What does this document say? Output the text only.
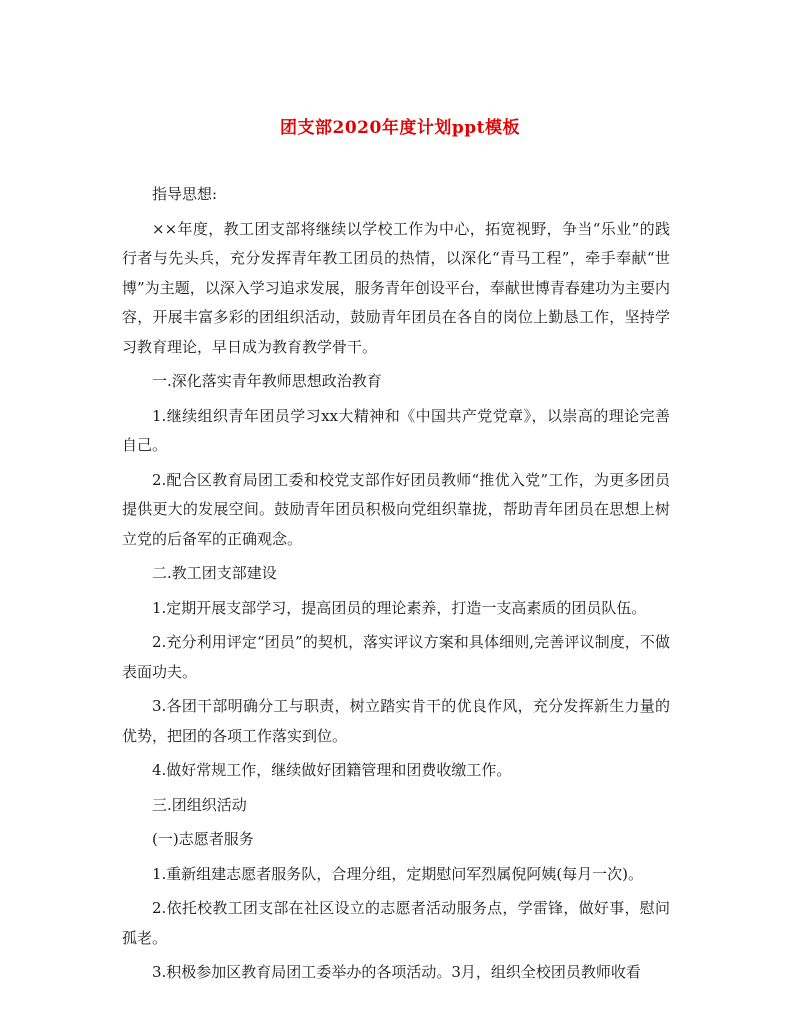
团支部2020年度计划ppt模板

指导思想:

××年度，教工团支部将继续以学校工作为中心，拓宽视野，争当“乐业”的践行者与先头兵，充分发挥青年教工团员的热情，以深化“青马工程”，牵手奉献“世博”为主题，以深入学习追求发展，服务青年创设平台，奉献世博青春建功为主要内容，开展丰富多彩的团组织活动，鼓励青年团员在各自的岗位上勤恳工作，坚持学习教育理论，早日成为教育教学骨干。

一.深化落实青年教师思想政治教育

1.继续组织青年团员学习xx大精神和《中国共产党党章》，以崇高的理论完善自己。

2.配合区教育局团工委和校党支部作好团员教师“推优入党”工作，为更多团员提供更大的发展空间。鼓励青年团员积极向党组织靠拢，帮助青年团员在思想上树立党的后备军的正确观念。

二.教工团支部建设

1.定期开展支部学习，提高团员的理论素养，打造一支高素质的团员队伍。

2.充分利用评定“团员”的契机，落实评议方案和具体细则,完善评议制度，不做表面功夫。

3.各团干部明确分工与职责，树立踏实肯干的优良作风，充分发挥新生力量的优势，把团的各项工作落实到位。

4.做好常规工作，继续做好团籍管理和团费收缴工作。

三.团组织活动

(一)志愿者服务

1.重新组建志愿者服务队，合理分组，定期慰问军烈属倪阿姨(每月一次)。

2.依托校教工团支部在社区设立的志愿者活动服务点，学雷锋，做好事，慰问孤老。

3.积极参加区教育局团工委举办的各项活动。3月，组织全校团员教师收看
